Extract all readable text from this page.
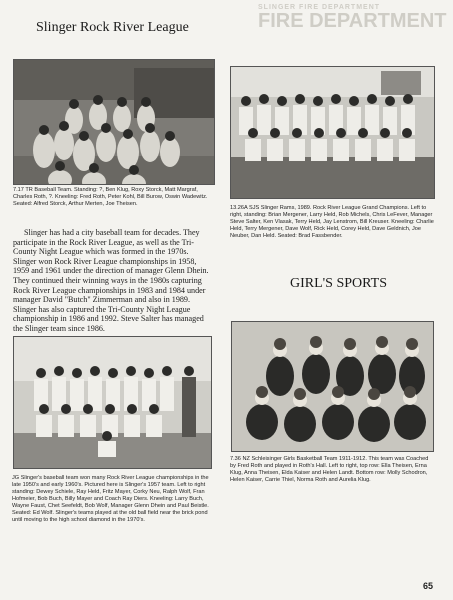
SLINGER FIRE DEPARTMENT
FIRE DEPARTMENT
Slinger Rock River League
7.17 TR Baseball Team. Standing: ?, Ben Klug, Roxy Storck, Matt Margraf, Charles Roth, ?. Kneeling: Fred Roth, Peter Kohl, Bill Burow, Oswin Wadewitz. Seated: Alfred Storck, Arthur Merten, Joe Theisen.
13.26A SJS Slinger Rams, 1989. Rock River League Grand Champions. Left to right, standing: Brian Mergener, Larry Held, Rob Michels, Chris LeFever, Manager Steve Salter, Ken Vlasak, Terry Held, Jay Lenstrom, Bill Kreuser. Kneeling: Charlie Held, Terry Mergener, Dave Wolf, Rick Held, Corey Held, Dave Geldnich, Joe Neuber, Dan Held. Seated: Brad Fassbender.
Slinger has had a city baseball team for decades. They participate in the Rock River League, as well as the Tri-County Night League which was formed in the 1970s. Slinger won Rock River League championships in 1958, 1959 and 1961 under the direction of manager Glenn Dhein. They continued their winning ways in the 1980s capturing Rock River League championships in 1983 and 1984 under manager David "Butch" Zimmerman and also in 1989. Slinger has also captured the Tri-County Night League championship in 1986 and 1992. Steve Salter has managed the Slinger team since 1986.
GIRL'S SPORTS
JG Slinger's baseball team won many Rock River League championships in the late 1950's and early 1960's. Pictured here is Slinger's 1957 team. Left to right standing: Dewey Schiele, Ray Held, Fritz Mayer, Corky Neu, Ralph Wolf, Fran Hofmeier, Bob Buch, Billy Mayer and Coach Ray Diers. Kneeling: Larry Buch, Wayne Faust, Chet Seefeldt, Bob Wolf, Manager Glenn Dhein and Paul Beistle. Seated: Ed Wolf. Slinger's teams played at the old ball field near the brick pond until moving to the high school diamond in the 1970's.
7.36 NZ Schleisinger Girls Basketball Team 1911-1912. This team was Coached by Fred Roth and played in Roth's Hall. Left to right, top row: Ella Theisen, Erna Klug, Anna Theisen, Elda Kaiser and Helen Landt. Bottom row: Molly Schodron, Helen Kaiser, Carrie Thiel, Norma Roth and Aurelia Klug.
65
